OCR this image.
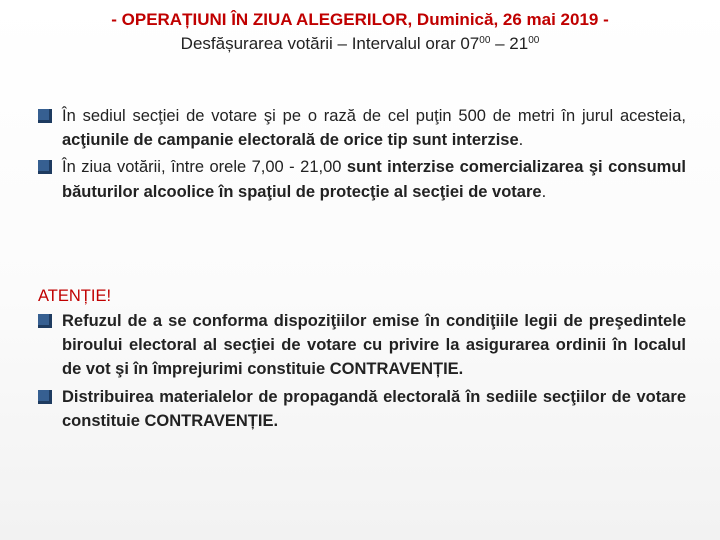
- OPERAȚIUNI ÎN ZIUA ALEGERILOR, Duminică, 26 mai 2019 -
Desfășurarea votării – Intervalul orar $07^{00} - 21^{00}$
În sediul secţiei de votare şi pe o rază de cel puţin 500 de metri în jurul acesteia, acţiunile de campanie electorală de orice tip sunt interzise.
În ziua votării, între orele 7,00 - 21,00 sunt interzise comercializarea şi consumul băuturilor alcoolice în spaţiul de protecţie al secţiei de votare.

ATENȚIE!

Refuzul de a se conforma dispoziţiilor emise în condiţiile legii de preşedintele biroului electoral al secţiei de votare cu privire la asigurarea ordinii în localul de vot şi în împrejurimi constituie CONTRAVENȚIE.
Distribuirea materialelor de propagandă electorală în sediile secţiilor de votare constituie CONTRAVENȚIE.
